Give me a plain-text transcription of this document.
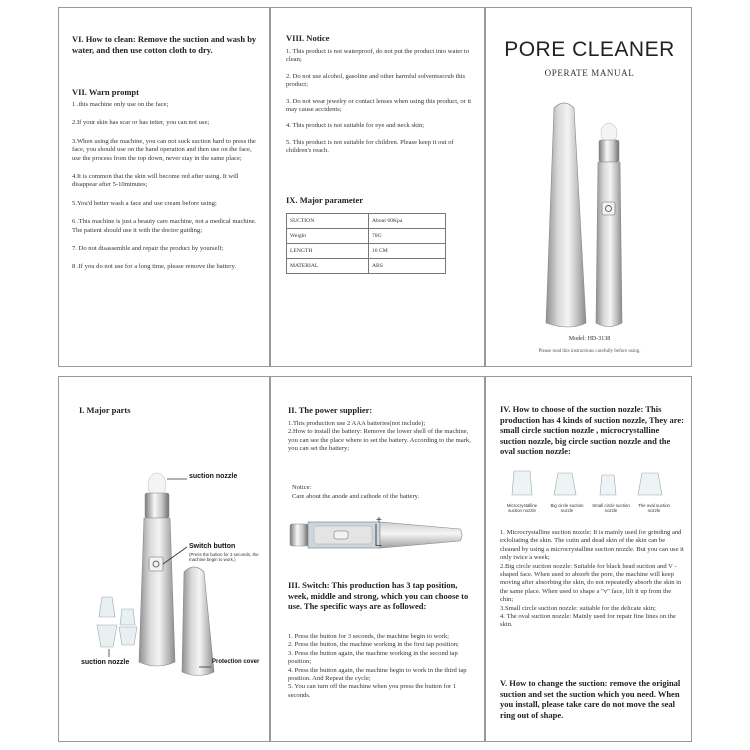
VI. How to clean: Remove the suction and wash by water, and then use cotton cloth to dry.
VII. Warn prompt
1 .this machine only use on the face;
2.If your skin has scar or has tetter, you can not use;
3.When using the machine, you can not suck suction hard to press the face, you should use on the hand operation and then use on the face, use the process from the top down, never stay in the same place;
4.It is common that the skin will become red after using. It will disappear after 5-10minutes;
5.You'd better wash a face and use cream before using;
6 .This machine is just a beauty care machine, not a medical machine. The patient should use it with the doctor guiding;
7. Do not disassemble and repair the product by yourself;
8 .If you do not use for a long time, please remove the battery.
VIII. Notice
1. This product is not waterproof, do not put the product into water to clean;
2. Do not use alcohol, gasoline and other harmful solventsscrub this product;
3. Do not wear jewelry or contact lenses when using this product, or it may cause accidents;
4. This product is not suitable for eye and neck skin;
5. This product is not suitable for children. Please keep it out of children's reach.
IX. Major parameter
SUCTION	About 60Kpa
Weight	70G
LENGTH	16 CM
MATERIAL	ABS
PORE CLEANER
OPERATE MANUAL
Model: HD-3138
Please read this instructions carefully before using.
I. Major parts
suction nozzle
Switch button
(Press the button for 3 seconds, the machine begin to work.)
suction nozzle	Protection cover
II. The power supplier:
1.This production use 2 AAA batteries(not include);
2.How to install the battery: Remove the lower shell of the machine, you can see the place where to set the battery. According to the mark, you can set the battery;
Notice:
Care about the anode and cathode of the battery.
+
−
III. Switch: This production has 3 tap position, week, middle and strong, which you can choose to use. The specific ways are as followed:
1. Press the button for 3 seconds, the machine begin to work;
2. Press the button, the machine working in the first tap position;
3. Press the button again, the machine working in the second tap position;
4. Press the button again, the machine begin to work in the third tap position. And Repeat the cycle;
5. You can turn off the machine when you press the button for 1 seconds.
IV. How to choose of the suction nozzle: This production has 4 kinds of suction nozzle, They are: small circle suction nozzle , microcrystalline suction nozzle, big circle suction nozzle and the oval suction nozzle:
Microcrystalline suction nozzle
Big circle suction nozzle
Small circle suction nozzle
The oval suction nozzle
1. Microcrystalline suction nozzle: It is mainly used for grinding and exfoliating the skin. The cutin and dead skin of the skin can be cleaned by using a microcrystalline suction nozzle. But you can use it only twice a week;
2.Big circle suction nozzle: Suitable for black head suction and V - shaped face. When used to absorb the pore, the machine will keep moving after absorbing the skin, do not repeatedly absorb the skin in the same place. When used to shape a "v" face, lift it up from the chin;
3.Small circle suction nozzle: suitable for the delicate skin;
4. The oval suction nozzle: Mainly used for repair fine lines on the skin.
V. How to change the suction: remove the original suction and set the suction which you need. When you install, please take care do not move the seal ring out of shape.
